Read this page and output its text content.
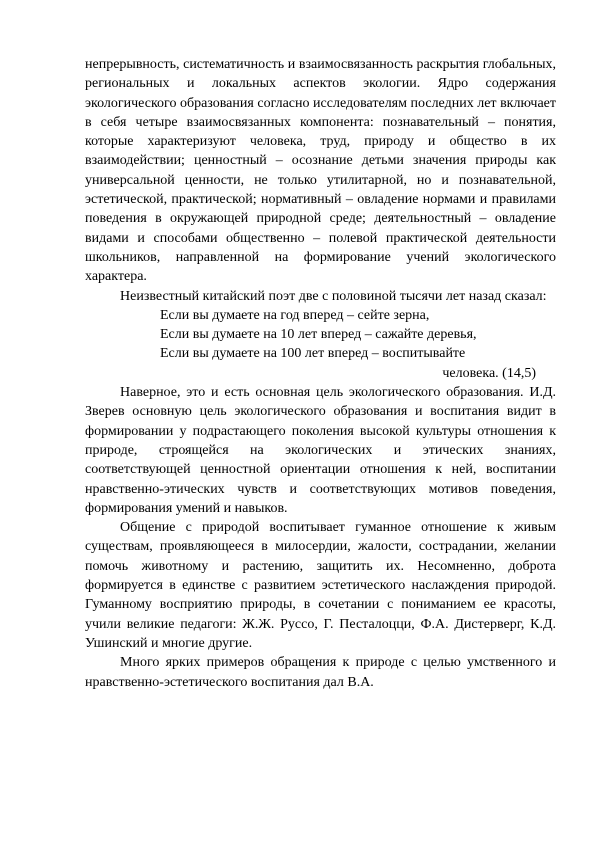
непрерывность, систематичность и взаимосвязанность раскрытия глобальных, региональных и локальных аспектов экологии. Ядро содержания экологического образования согласно исследователям последних лет включает в себя четыре взаимосвязанных компонента: познавательный – понятия, которые характеризуют человека, труд, природу и общество в их взаимодействии; ценностный – осознание детьми значения природы как универсальной ценности, не только утилитарной, но и познавательной, эстетической, практической; нормативный – овладение нормами и правилами поведения в окружающей природной среде; деятельностный – овладение видами и способами общественно – полевой практической деятельности школьников, направленной на формирование учений экологического характера.

Неизвестный китайский поэт две с половиной тысячи лет назад сказал:

Если вы думаете на год вперед – сейте зерна,
Если вы думаете на 10 лет вперед – сажайте деревья,
Если вы думаете на 100 лет вперед – воспитывайте
человека. (14,5)

Наверное, это и есть основная цель экологического образования. И.Д. Зверев основную цель экологического образования и воспитания видит в формировании у подрастающего поколения высокой культуры отношения к природе, строящейся на экологических и этических знаниях, соответствующей ценностной ориентации отношения к ней, воспитании нравственно-этических чувств и соответствующих мотивов поведения, формирования умений и навыков.

Общение с природой воспитывает гуманное отношение к живым существам, проявляющееся в милосердии, жалости, сострадании, желании помочь животному и растению, защитить их. Несомненно, доброта формируется в единстве с развитием эстетического наслаждения природой. Гуманному восприятию природы, в сочетании с пониманием ее красоты, учили великие педагоги: Ж.Ж. Руссо, Г. Песталоцци, Ф.А. Дистерверг, К.Д. Ушинский и многие другие.

Много ярких примеров обращения к природе с целью умственного и нравственно-эстетического воспитания дал В.А.
